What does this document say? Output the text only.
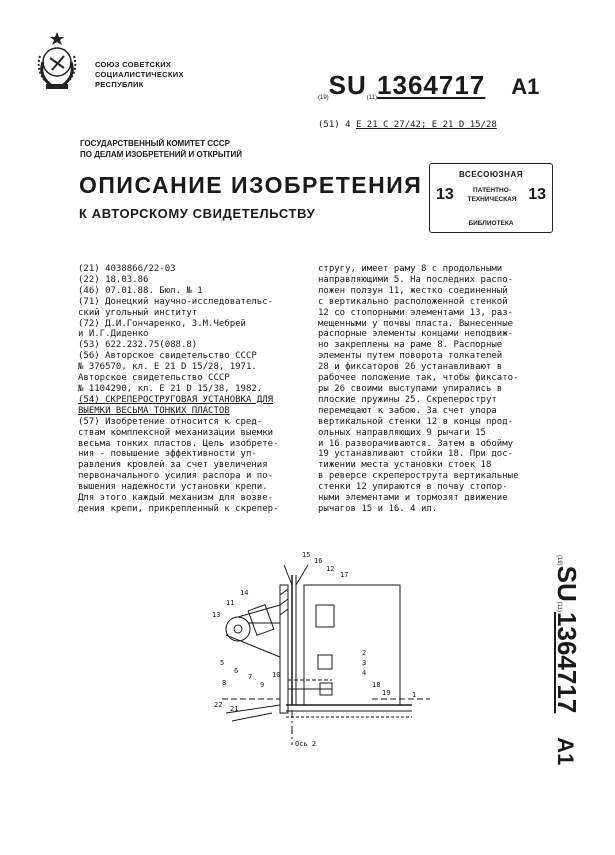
СОЮЗ СОВЕТСКИХ
СОЦИАЛИСТИЧЕСКИХ
РЕСПУБЛИК
(19)SU(11)1364717 A1
(51) 4 Е 21 С 27/42; Е 21 D 15/28
ГОСУДАРСТВЕННЫЙ КОМИТЕТ СССР
ПО ДЕЛАМ ИЗОБРЕТЕНИЙ И ОТКРЫТИЙ
ОПИСАНИЕ ИЗОБРЕТЕНИЯ
К АВТОРСКОМУ СВИДЕТЕЛЬСТВУ
ВСЕСОЮЗНАЯ
13	ПАТЕНТНО-ТЕХНИЧЕСКАЯ 13
БИБЛИОТЕКА
(21) 4038866/22-03
(22) 18.03.86
(46) 07.01.88. Бюл. № 1
(71) Донецкий научно-исследовательс-
ский угольный институт
(72) Д.И.Гончаренко, З.М.Чебрей
и И.Г.Диденко
(53) 622.232.75(088.8)
(56) Авторское свидетельство СССР
№ 376570, кл. Е 21 D 15/28, 1971.
Авторское свидетельство СССР
№ 1104290, кл. Е 21 D 15/38, 1982.
(54) СКРЕПЕРОСТРУГОВАЯ УСТАНОВКА ДЛЯ
ВЫЕМКИ ВЕСЬМА ТОНКИХ ПЛАСТОВ
(57) Изобретение относится к сред-
ствам комплексной механизации выемки
весьма тонких пластов. Цель изобрете-
ния - повышение эффективности уп-
равления кровлей за счет увеличения
первоначального усилия распора и по-
вышения надежности установки крепи.
Для этого каждый механизм для возве-
дения крепи, прикрепленный к скрепер-
стругу, имеет раму 8 с продольными
направляющими 5. На последних распо-
ложен ползун 11, жестко соединенный
с вертикально расположенной стенкой
12 со стопорными элементами 13, раз-
мещенными у почвы пласта. Вынесенные
распорные элементы концами неподвиж-
но закреплены на раме 8. Распорные
элементы путем поворота толкателей
28 и фиксаторов 26 устанавливают в
рабочее положение так, чтобы фиксато-
ры 26 своими выступами упирались в
плоские пружины 25. Скреперострут
перемещают к забою. За счет упора
вертикальной стенки 12 в концы прод-
ольных направляющих 9 рычаги 15
и 16 разворачиваются. Затем в обойму
19 устанавливают стойки 18. При дос-
тижении места установки стоек 18
в реверсе скреперострута вертикальные
стенки 12 упираются в почву стопор-
ными элементами и тормозят движение
рычагов 15 и 16. 4 ил.
(19)SU(11)1364717A1
15
16
12
17
13
11
14
2
3
4
5
6
7
8	9
10
18
19
22 21
1
Ось 2
